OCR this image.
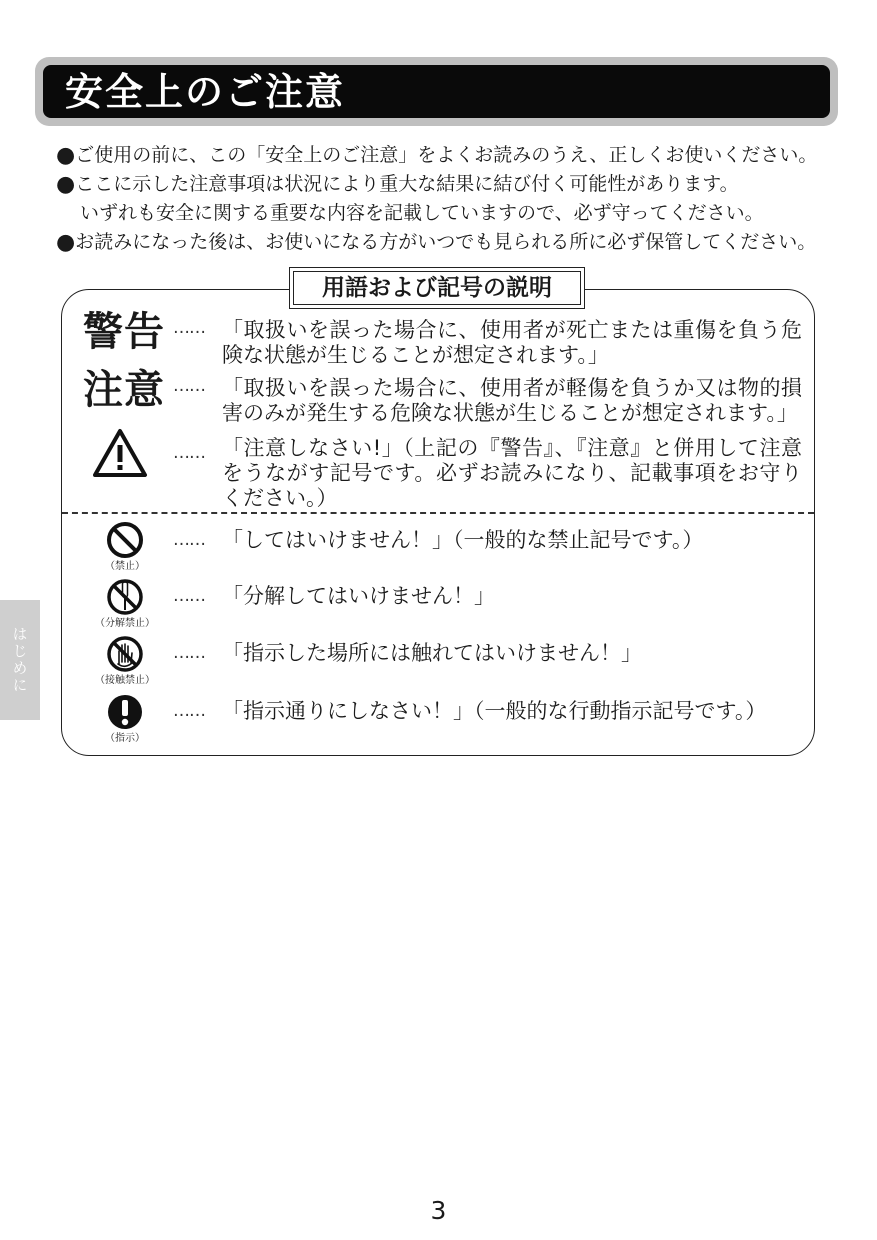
安全上のご注意

●ご使用の前に、この「安全上のご注意」をよくお読みのうえ、正しくお使いください。

●ここに示した注意事項は状況により重大な結果に結び付く可能性があります。

いずれも安全に関する重要な内容を記載していますので、必ず守ってください。

●お読みになった後は、お使いになる方がいつでも見られる所に必ず保管してください。

用語および記号の説明
警告 …… 「取扱いを誤った場合に、使用者が死亡または重傷を負う危険な状態が生じることが想定されます。」
注意 …… 「取扱いを誤った場合に、使用者が軽傷を負うか又は物的損害のみが発生する危険な状態が生じることが想定されます。」
…… 「注意しなさい!」（上記の『警告』、『注意』と併用して注意をうながす記号です。必ずお読みになり、記載事項をお守りください。）
（禁止）
…… 「してはいけません！」（一般的な禁止記号です。）
（分解禁止）
…… 「分解してはいけません！」
（接触禁止）
…… 「指示した場所には触れてはいけません！」
（指示）
…… 「指示通りにしなさい！」（一般的な行動指示記号です。）
はじめに
3
